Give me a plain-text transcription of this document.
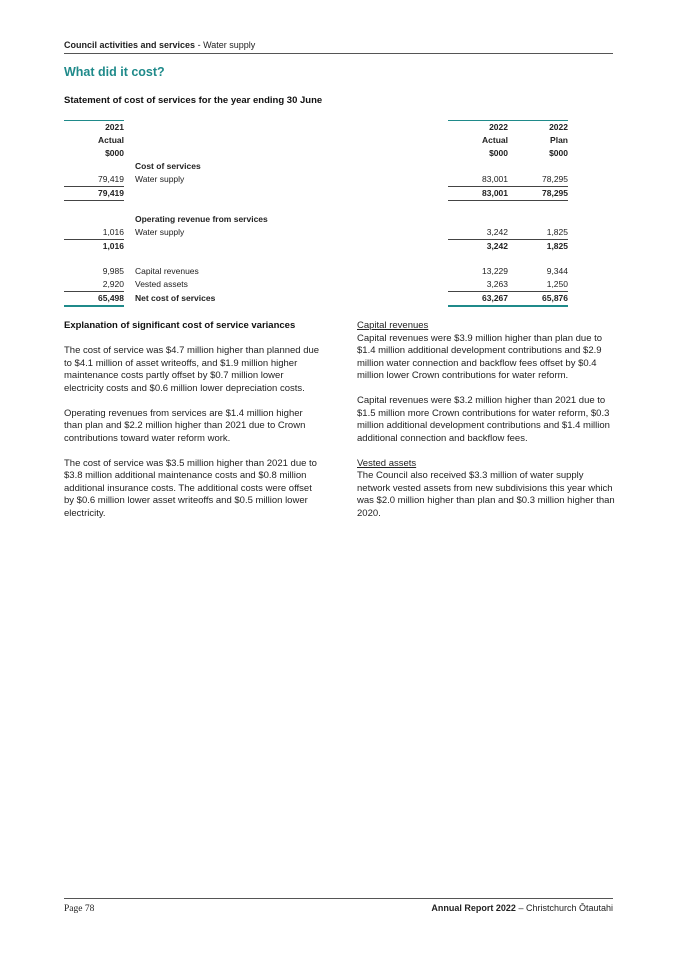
Council activities and services - Water supply
What did it cost?
Statement of cost of services for the year ending 30 June
2021			2022		2022
Actual			Actual		Plan
$000			$000		$000
		Cost of services			
79,419		Water supply	83,001		78,295
79,419			83,001		78,295

		Operating revenue from services			
1,016		Water supply	3,242		1,825
1,016			3,242		1,825

9,985		Capital revenues	13,229		9,344
2,920		Vested assets	3,263		1,250
65,498		Net cost of services	63,267		65,876
Explanation of significant cost of service variances

The cost of service was $4.7 million higher than planned due to $4.1 million of asset writeoffs, and $1.9 million higher maintenance costs partly offset by $0.7 million lower electricity costs and $0.6 million lower depreciation costs.

Operating revenues from services are $1.4 million higher than plan and $2.2 million higher than 2021 due to Crown contributions toward water reform work.

The cost of service was $3.5 million higher than 2021 due to $3.8 million additional maintenance costs and $0.8 million additional insurance costs. The additional costs were offset by $0.6 million lower asset writeoffs and $0.5 million lower electricity.

Capital revenues

Capital revenues were $3.9 million higher than plan due to $1.4 million additional development contributions and $2.9 million water connection and backflow fees offset by $0.4 million lower Crown contributions for water reform.

Capital revenues were $3.2 million higher than 2021 due to $1.5 million more Crown contributions for water reform, $0.3 million additional development contributions and $1.4 million additional connection and backflow fees.

Vested assets

The Council also received $3.3 million of water supply network vested assets from new subdivisions this year which was $2.0 million higher than plan and $0.3 million higher than 2020.

Page 78	Annual Report 2022 – Christchurch Ōtautahi
